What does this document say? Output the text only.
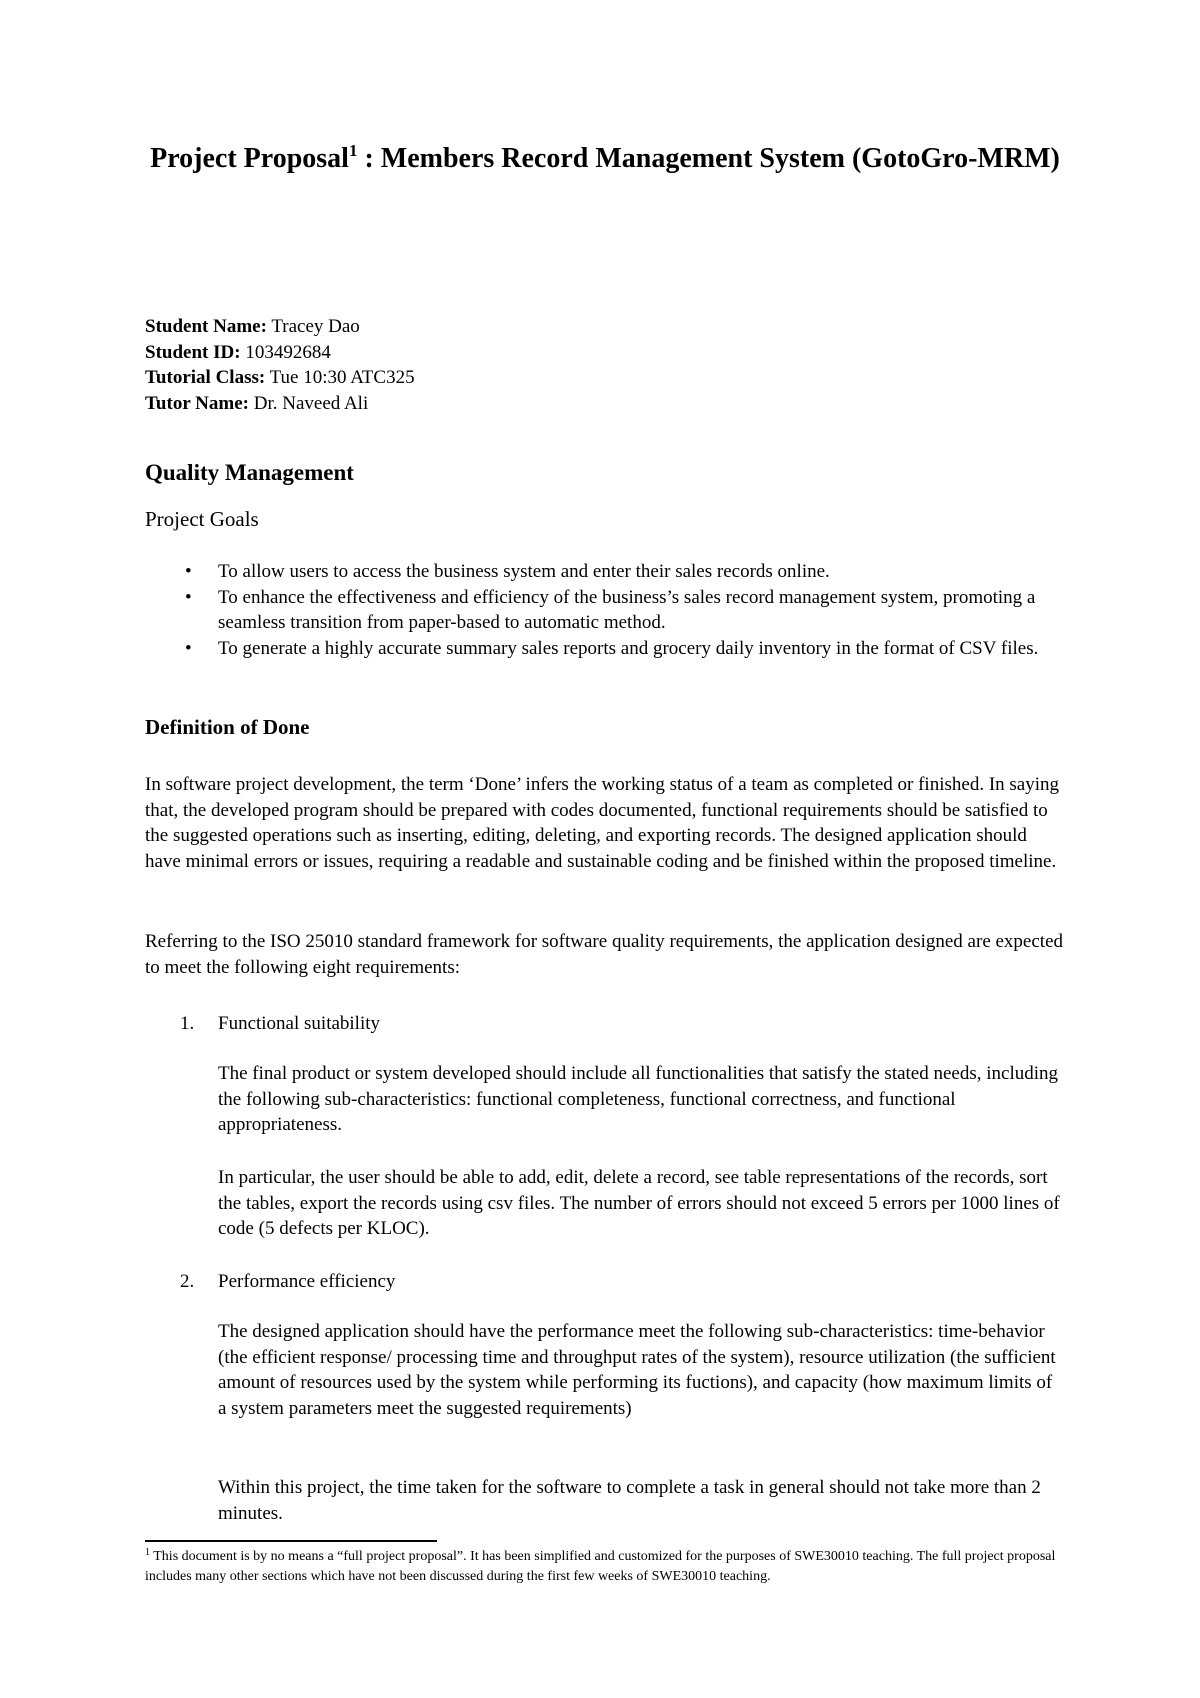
Project Proposal$^1$ : Members Record Management System (GotoGro-MRM)
Student Name: Tracey Dao
Student ID: 103492684
Tutorial Class: Tue 10:30 ATC325
Tutor Name: Dr. Naveed Ali
Quality Management
Project Goals
• To allow users to access the business system and enter their sales records online.
• To enhance the effectiveness and efficiency of the business’s sales record management system, promoting a seamless transition from paper-based to automatic method.
• To generate a highly accurate summary sales reports and grocery daily inventory in the format of CSV files.
Definition of Done

In software project development, the term ‘Done’ infers the working status of a team as completed or finished. In saying that, the developed program should be prepared with codes documented, functional requirements should be satisfied to the suggested operations such as inserting, editing, deleting, and exporting records. The designed application should have minimal errors or issues, requiring a readable and sustainable coding and be finished within the proposed timeline.

Referring to the ISO 25010 standard framework for software quality requirements, the application designed are expected to meet the following eight requirements:

1. Functional suitability

The final product or system developed should include all functionalities that satisfy the stated needs, including the following sub-characteristics: functional completeness, functional correctness, and functional appropriateness.

In particular, the user should be able to add, edit, delete a record, see table representations of the records, sort the tables, export the records using csv files. The number of errors should not exceed 5 errors per 1000 lines of code (5 defects per KLOC).

2. Performance efficiency

The designed application should have the performance meet the following sub-characteristics: time-behavior (the efficient response/ processing time and throughput rates of the system), resource utilization (the sufficient amount of resources used by the system while performing its fuctions), and capacity (how maximum limits of a system parameters meet the suggested requirements)

Within this project, the time taken for the software to complete a task in general should not take more than 2 minutes.

$^1$ This document is by no means a “full project proposal”. It has been simplified and customized for the purposes of SWE30010 teaching. The full project proposal includes many other sections which have not been discussed during the first few weeks of SWE30010 teaching.
